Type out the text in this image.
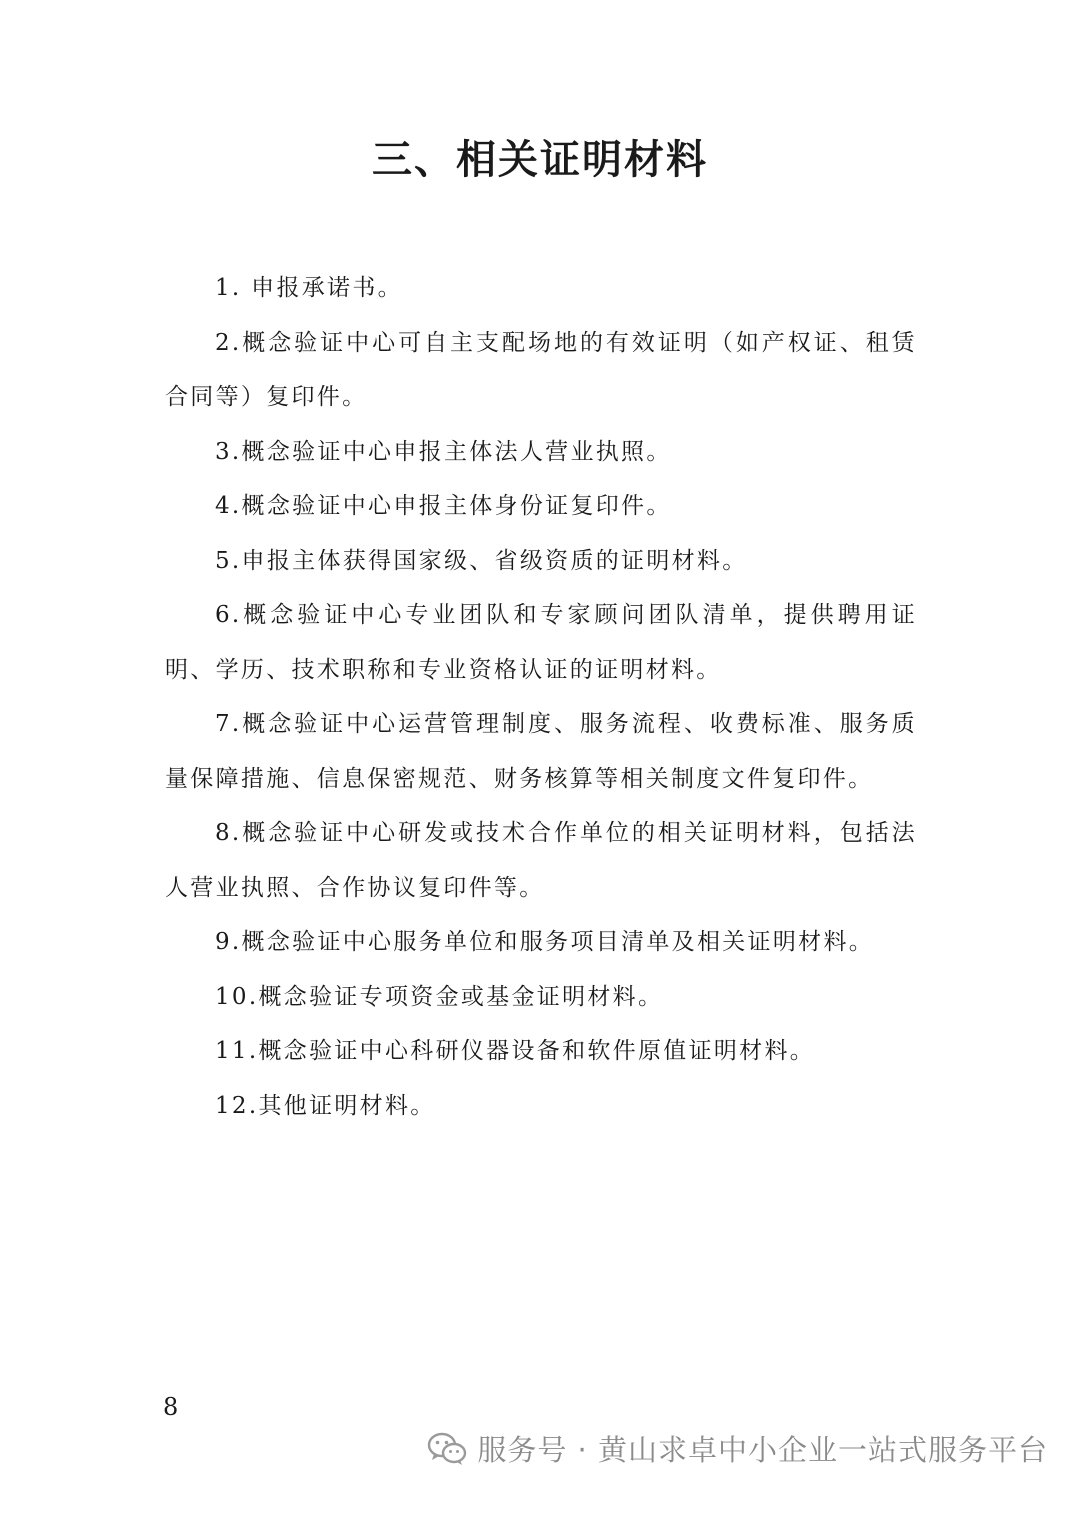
三、相关证明材料

1. 申报承诺书。

2.概念验证中心可自主支配场地的有效证明（如产权证、租赁合同等）复印件。

3.概念验证中心申报主体法人营业执照。

4.概念验证中心申报主体身份证复印件。

5.申报主体获得国家级、省级资质的证明材料。

6.概念验证中心专业团队和专家顾问团队清单，提供聘用证明、学历、技术职称和专业资格认证的证明材料。

7.概念验证中心运营管理制度、服务流程、收费标准、服务质量保障措施、信息保密规范、财务核算等相关制度文件复印件。

8.概念验证中心研发或技术合作单位的相关证明材料，包括法人营业执照、合作协议复印件等。

9.概念验证中心服务单位和服务项目清单及相关证明材料。

10.概念验证专项资金或基金证明材料。

11.概念验证中心科研仪器设备和软件原值证明材料。

12.其他证明材料。

8
服务号 · 黄山求卓中小企业一站式服务平台
